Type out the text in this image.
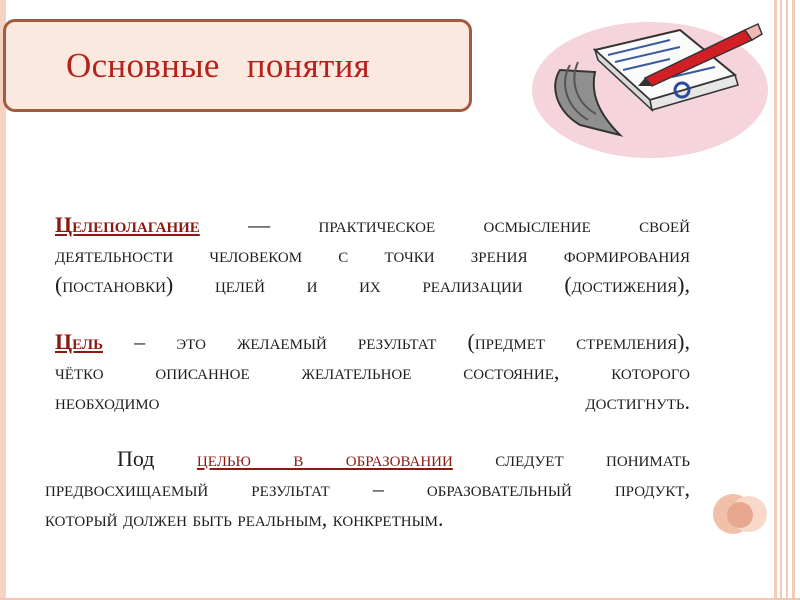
Основные понятия
Целеполагание — практическое осмысление своей
деятельности человеком с точки зрения формирования
(постановки) целей и их реализации (достижения),
Цель – это желаемый результат (предмет стремления),
чётко описанное желательное состояние, которого
необходимо	достигнуть.
Под целью в образовании следует понимать
предвосхищаемый результат – образовательный продукт,
который должен быть реальным, конкретным.
